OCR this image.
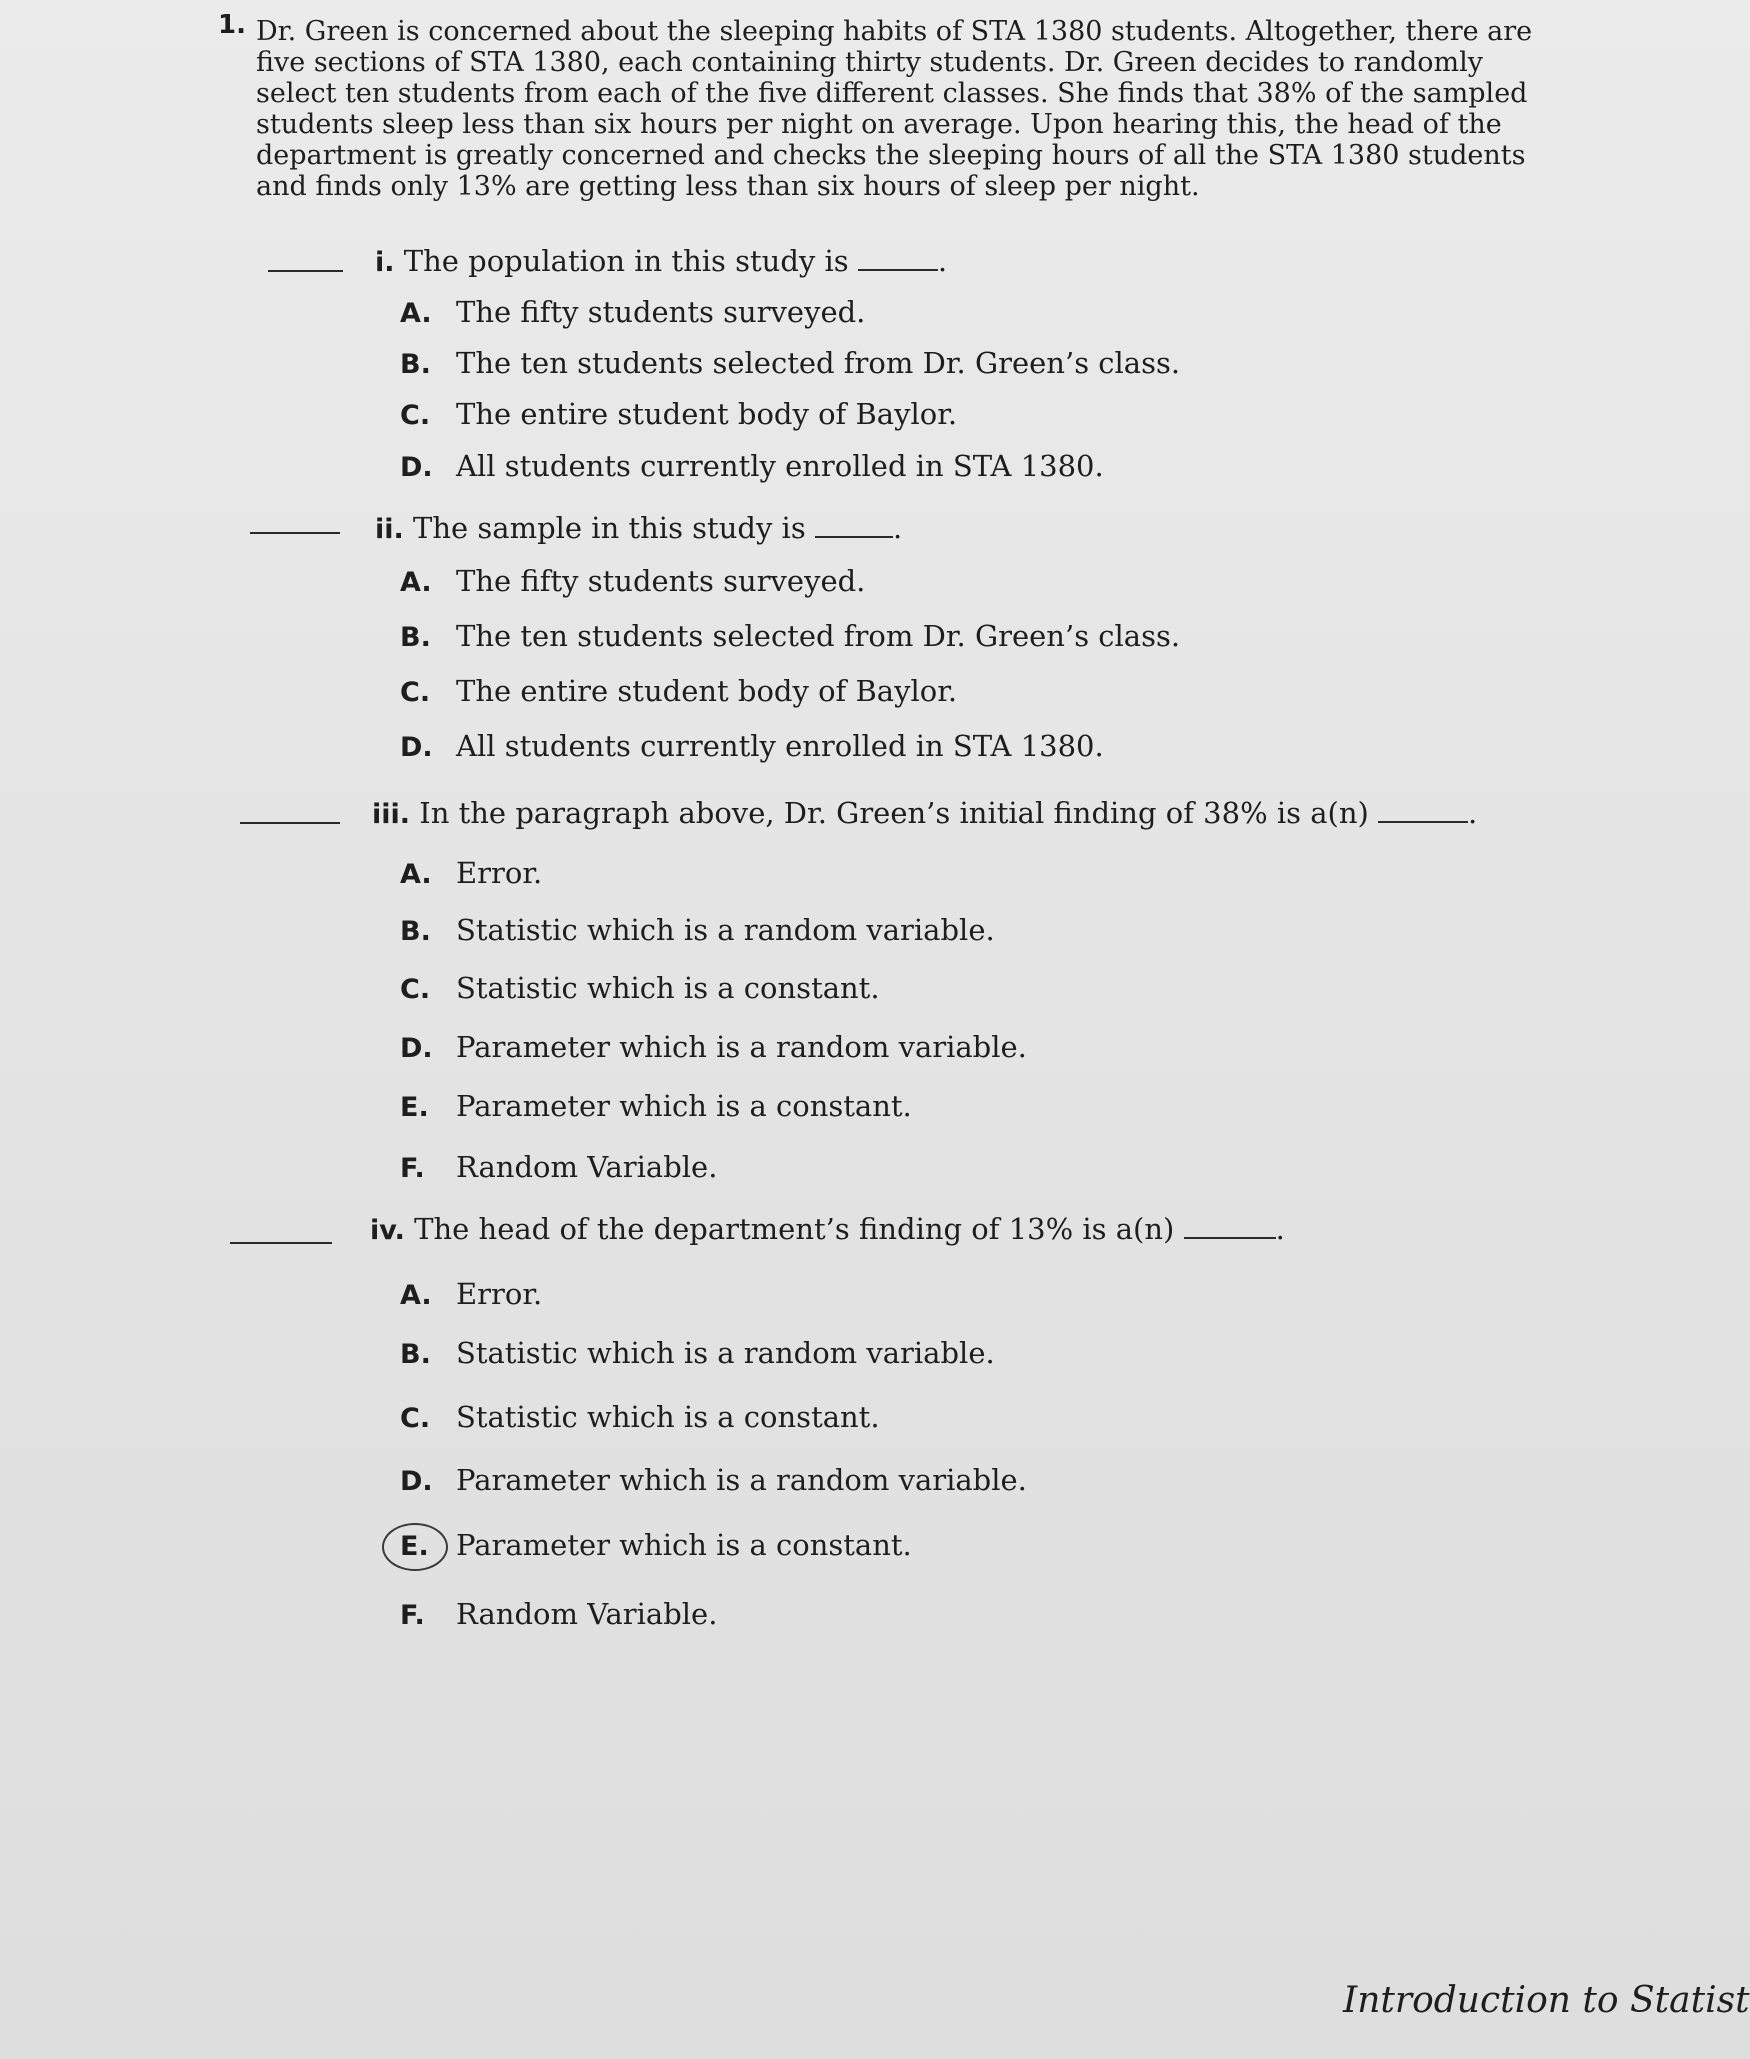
1. Dr. Green is concerned about the sleeping habits of STA 1380 students. Altogether, there are five sections of STA 1380, each containing thirty students. Dr. Green decides to randomly select ten students from each of the five different classes. She finds that 38% of the sampled students sleep less than six hours per night on average. Upon hearing this, the head of the department is greatly concerned and checks the sleeping hours of all the STA 1380 students and finds only 13% are getting less than six hours of sleep per night.

i. The population in this study is	.
A. The fifty students surveyed.
B. The ten students selected from Dr. Green’s class.
C. The entire student body of Baylor.
D. All students currently enrolled in STA 1380.
ii. The sample in this study is	.
A. The fifty students surveyed.
B. The ten students selected from Dr. Green’s class.
C. The entire student body of Baylor.
D. All students currently enrolled in STA 1380.
iii. In the paragraph above, Dr. Green’s initial finding of 38% is a(n)	.
A. Error.
B. Statistic which is a random variable.
C. Statistic which is a constant.
D. Parameter which is a random variable.
E. Parameter which is a constant.
F. Random Variable.
iv. The head of the department’s finding of 13% is a(n)	.
A. Error.
B. Statistic which is a random variable.
C. Statistic which is a constant.
D. Parameter which is a random variable.
E. Parameter which is a constant.
F. Random Variable.
Introduction to Statist
